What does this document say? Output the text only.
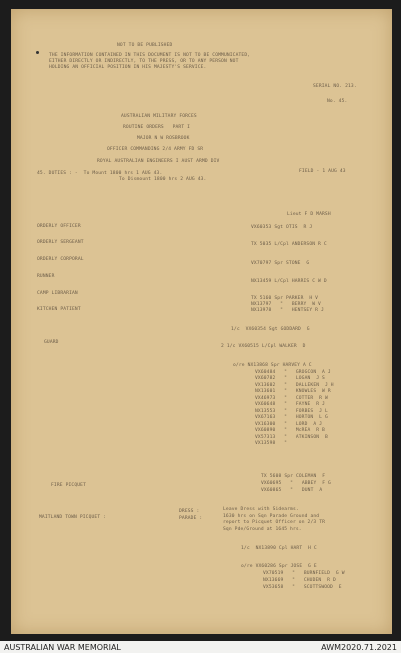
NOT TO BE PUBLISHED
THE INFORMATION CONTAINED IN THIS DOCUMENT IS NOT TO BE COMMUNICATED,
EITHER DIRECTLY OR INDIRECTLY, TO THE PRESS, OR TO ANY PERSON NOT
HOLDING AN OFFICIAL POSITION IN HIS MAJESTY'S SERVICE.
SERIAL NO. 213.
No. 45.
AUSTRALIAN MILITARY FORCES
ROUTINE ORDERS   PART I
MAJOR N W ROSBROOK
OFFICER COMMANDING 2/4 ARMY FD SR
ROYAL AUSTRALIAN ENGINEERS I AUST ARMD DIV
FIELD - 1 AUG 43
45. DUTIES : -  To Mount 1800 hrs 1 AUG 43.
To Dismount 1800 hrs 2 AUG 43.
ORDERLY OFFICER
Lieut F D MARSH
VX60353 Sgt OTIS  R J
ORDERLY SERGEANT	TX 5035 L/Cpl ANDERSON R C
ORDERLY CORPORAL
VX70797 Spr STONE  G
RUNNER
NX13459 L/Cpl HARRIS C W D
CAMP LIBRARIAN
TX 5160 Spr PARKER  H V
KITCHEN PATIENT
NX13797   "   BERRY  W V
NX13978   "   HENTSEY R J
GUARD
1/c  VX60354 Sgt GODDARD  G
2 1/c VX60515 L/Cpl WALKER  D
o/re NX13868 Spr HARVEY A C
VX60484   "   GROGCON  A J
VX60782   "   LOGAN  J S
VX13602   "   DALLEKEN  J H
NX13601   "   KNOWLES  W R
VX46973   "   COTTER  R W
VX60648   "   FAYNE  R J
NX13553   "   FORBES  J L
VX67163   "   HORTON  L G
VX16300   "   LORD  A J
VX60890   "   McREA  R B
VX57313   "   ATKINSON  B
VX13598   "
FIRE PICQUET
TX 5608 Spr COLEMAN  F
VX60695   "   ABBEY  F G
VX60865   "   DUNT  A
MAITLAND TOWN PICQUET :
DRESS :
PARADE :
Leave Dress with Sidearms.
1630 hrs on Sqn Parade Ground and
report to Picquet Officer on 2/3 TR
Sqn Pde/Ground at 1645 hrs.
1/c  NX13890 Cpl HART  H C
o/re VX60286 Spr JOSE  G E
VX70519   "   BURNFIELD  G W
NX13669   "   CHUDEN  R D
VX53658   "   SCOTTSWOOD  E
AUSTRALIAN WAR MEMORIAL	AWM2020.71.2021
